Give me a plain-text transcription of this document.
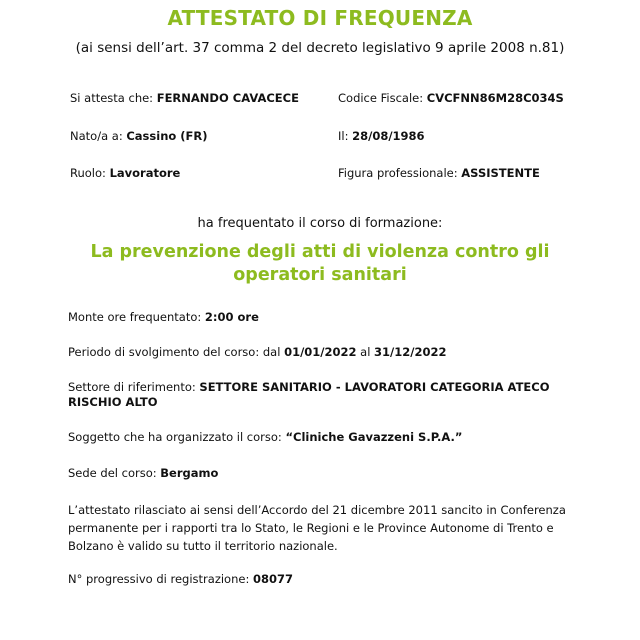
ATTESTATO DI FREQUENZA
(ai sensi dell’art. 37 comma 2 del decreto legislativo 9 aprile 2008 n.81)
Si attesta che: FERNANDO CAVACECE	Codice Fiscale: CVCFNN86M28C034S
Nato/a a: Cassino (FR)	Il: 28/08/1986
Ruolo: Lavoratore	Figura professionale: ASSISTENTE
ha frequentato il corso di formazione:
La prevenzione degli atti di violenza contro gli
operatori sanitari
Monte ore frequentato: 2:00 ore
Periodo di svolgimento del corso: dal 01/01/2022 al 31/12/2022
Settore di riferimento: SETTORE SANITARIO - LAVORATORI CATEGORIA ATECO
RISCHIO ALTO
Soggetto che ha organizzato il corso: “Cliniche Gavazzeni S.P.A.”
Sede del corso: Bergamo
L’attestato rilasciato ai sensi dell’Accordo del 21 dicembre 2011 sancito in Conferenza
permanente per i rapporti tra lo Stato, le Regioni e le Province Autonome di Trento e
Bolzano è valido su tutto il territorio nazionale.
N° progressivo di registrazione: 08077
